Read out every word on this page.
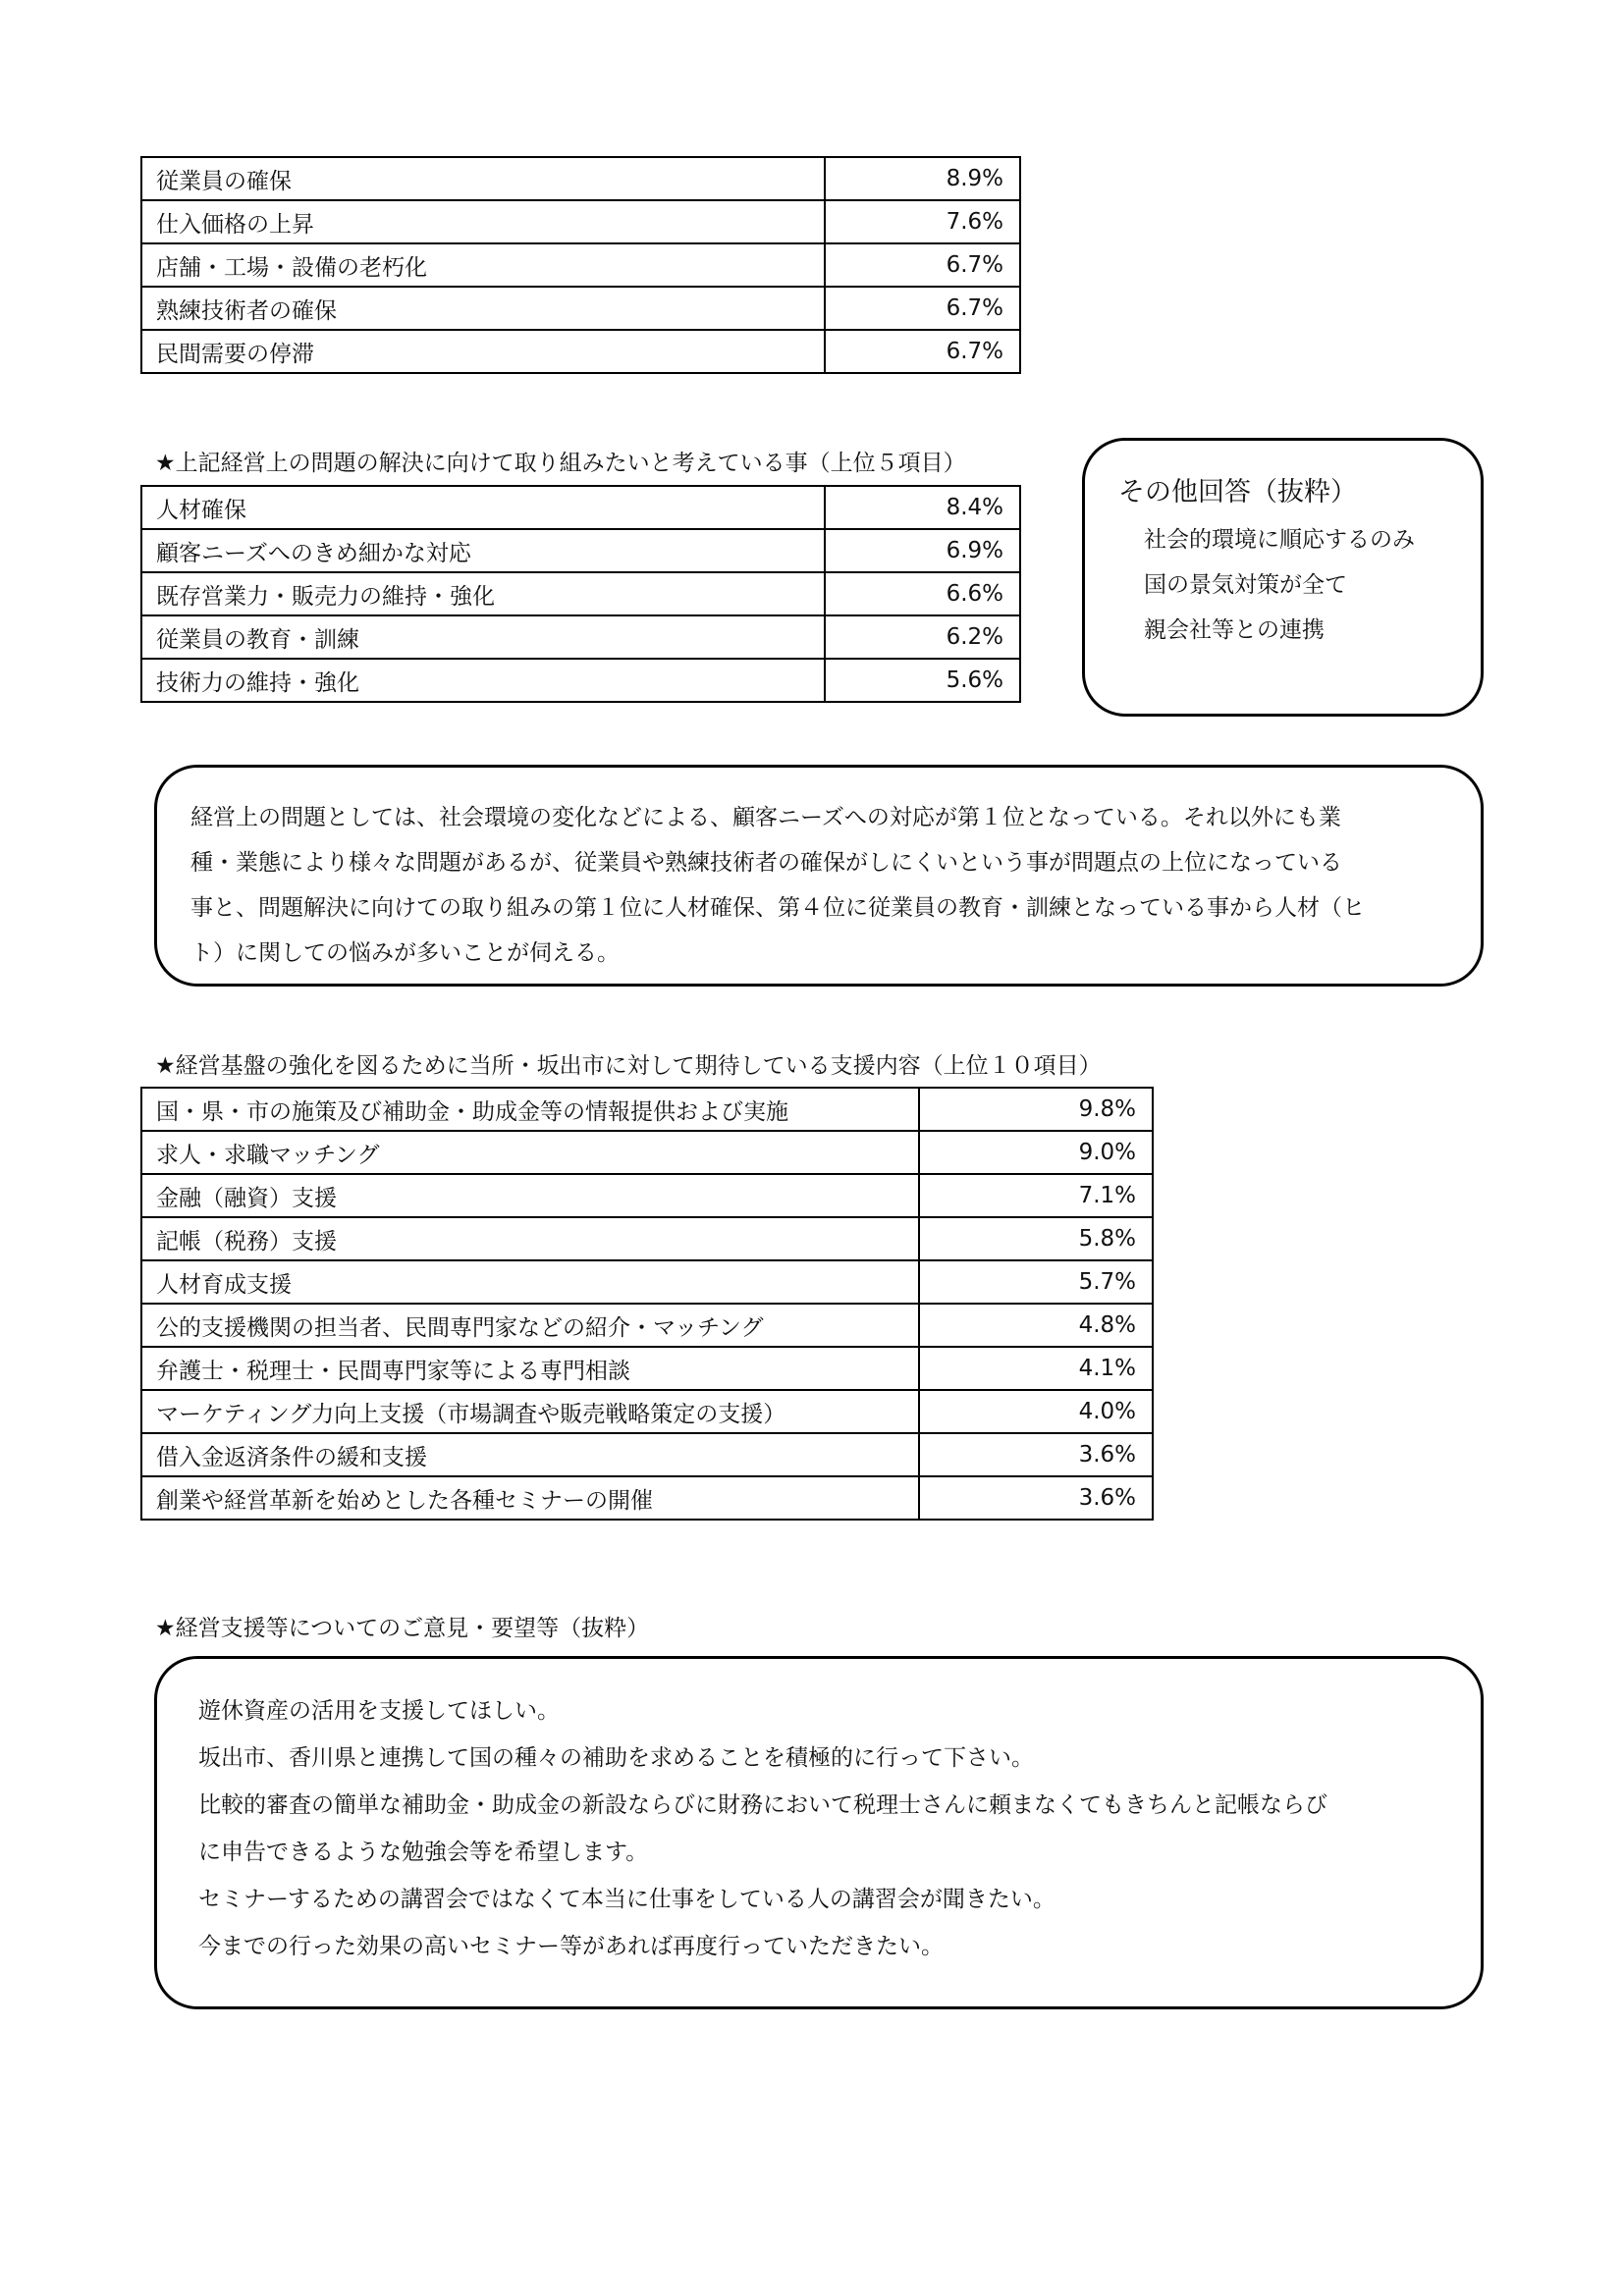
従業員の確保	8.9%
仕入価格の上昇	7.6%
店舗・工場・設備の老朽化	6.7%
熟練技術者の確保	6.7%
民間需要の停滞	6.7%
★上記経営上の問題の解決に向けて取り組みたいと考えている事（上位５項目）
人材確保	8.4%
顧客ニーズへのきめ細かな対応	6.9%
既存営業力・販売力の維持・強化	6.6%
従業員の教育・訓練	6.2%
技術力の維持・強化	5.6%

その他回答（抜粋）

社会的環境に順応するのみ

国の景気対策が全て

親会社等との連携

経営上の問題としては、社会環境の変化などによる、顧客ニーズへの対応が第１位となっている。それ以外にも業

種・業態により様々な問題があるが、従業員や熟練技術者の確保がしにくいという事が問題点の上位になっている

事と、問題解決に向けての取り組みの第１位に人材確保、第４位に従業員の教育・訓練となっている事から人材（ヒ

ト）に関しての悩みが多いことが伺える。

★経営基盤の強化を図るために当所・坂出市に対して期待している支援内容（上位１０項目）
国・県・市の施策及び補助金・助成金等の情報提供および実施	9.8%
求人・求職マッチング	9.0%
金融（融資）支援	7.1%
記帳（税務）支援	5.8%
人材育成支援	5.7%
公的支援機関の担当者、民間専門家などの紹介・マッチング	4.8%
弁護士・税理士・民間専門家等による専門相談	4.1%
マーケティング力向上支援（市場調査や販売戦略策定の支援）	4.0%
借入金返済条件の緩和支援	3.6%
創業や経営革新を始めとした各種セミナーの開催	3.6%
★経営支援等についてのご意見・要望等（抜粋）

遊休資産の活用を支援してほしい。

坂出市、香川県と連携して国の種々の補助を求めることを積極的に行って下さい。

比較的審査の簡単な補助金・助成金の新設ならびに財務において税理士さんに頼まなくてもきちんと記帳ならび

に申告できるような勉強会等を希望します。

セミナーするための講習会ではなくて本当に仕事をしている人の講習会が聞きたい。

今までの行った効果の高いセミナー等があれば再度行っていただきたい。
